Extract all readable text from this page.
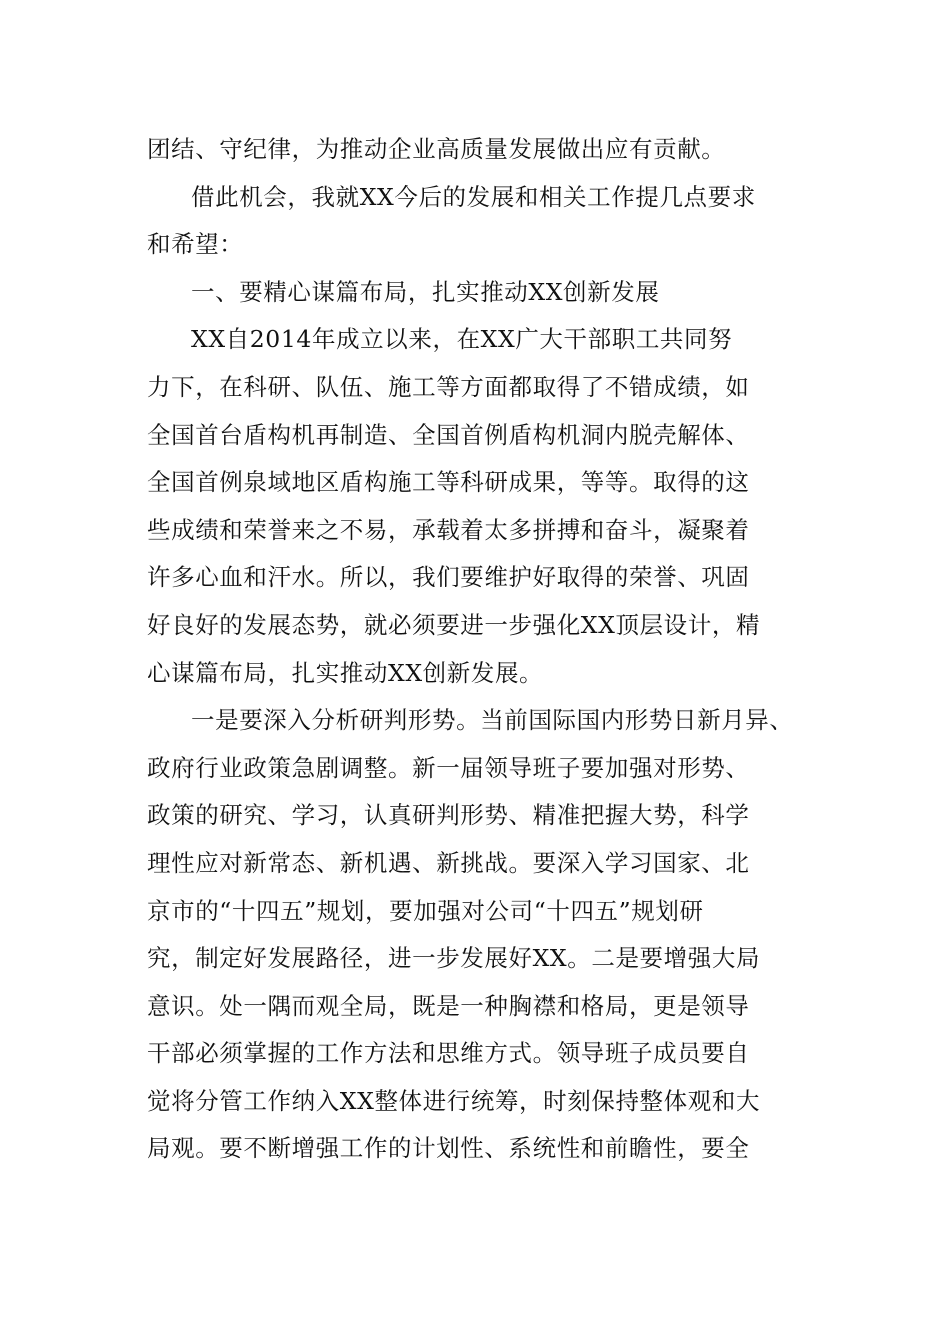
团结、守纪律，为推动企业高质量发展做出应有贡献。
借此机会，我就XX今后的发展和相关工作提几点要求
和希望：
一、要精心谋篇布局，扎实推动XX创新发展
XX自2014年成立以来，在XX广大干部职工共同努
力下，在科研、队伍、施工等方面都取得了不错成绩，如
全国首台盾构机再制造、全国首例盾构机洞内脱壳解体、
全国首例泉域地区盾构施工等科研成果，等等。取得的这
些成绩和荣誉来之不易，承载着太多拼搏和奋斗，凝聚着
许多心血和汗水。所以，我们要维护好取得的荣誉、巩固
好良好的发展态势，就必须要进一步强化XX顶层设计，精
心谋篇布局，扎实推动XX创新发展。
一是要深入分析研判形势。当前国际国内形势日新月异、
政府行业政策急剧调整。新一届领导班子要加强对形势、
政策的研究、学习，认真研判形势、精准把握大势，科学
理性应对新常态、新机遇、新挑战。要深入学习国家、北
京市的“十四五”规划，要加强对公司“十四五”规划研
究，制定好发展路径，进一步发展好XX。二是要增强大局
意识。处一隅而观全局，既是一种胸襟和格局，更是领导
干部必须掌握的工作方法和思维方式。领导班子成员要自
觉将分管工作纳入XX整体进行统筹，时刻保持整体观和大
局观。要不断增强工作的计划性、系统性和前瞻性，要全
